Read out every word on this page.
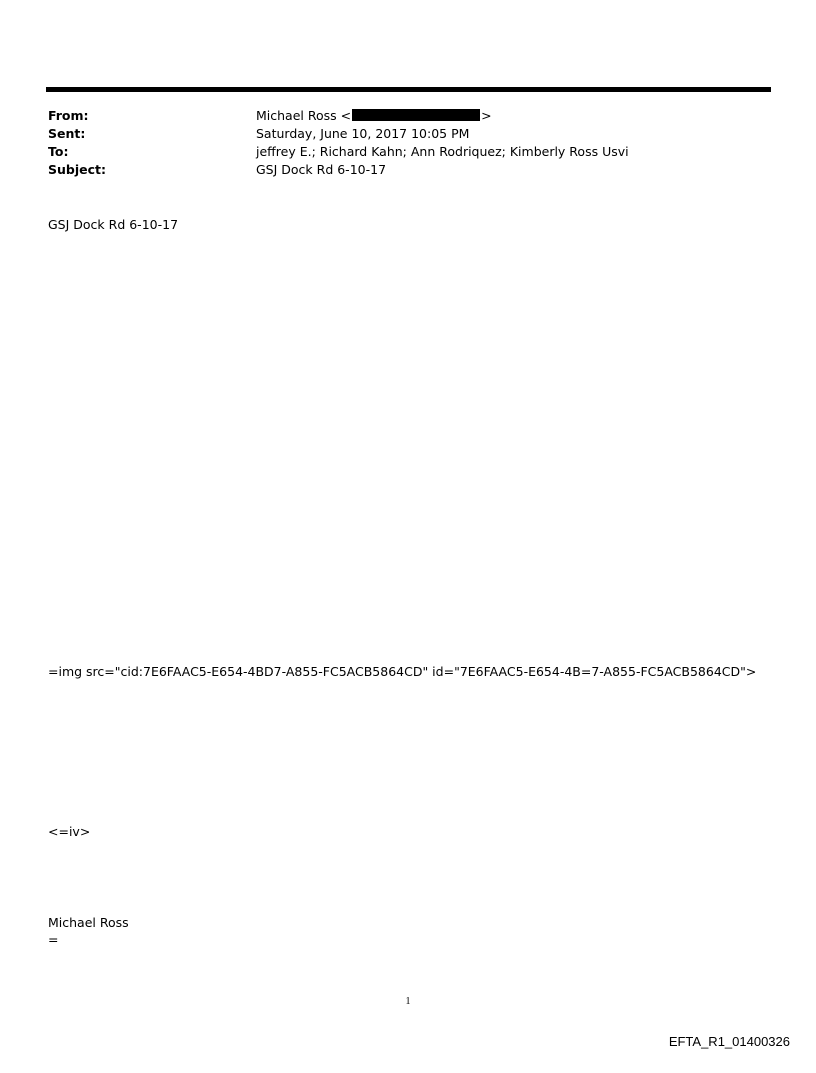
From:	Michael Ross <	>
Sent:	Saturday, June 10, 2017 10:05 PM
To:	jeffrey E.; Richard Kahn; Ann Rodriquez; Kimberly Ross Usvi
Subject:	GSJ Dock Rd 6-10-17
GSJ Dock Rd 6-10-17
=img src="cid:7E6FAAC5-E654-4BD7-A855-FC5ACB5864CD" id="7E6FAAC5-E654-4B=7-A855-FC5ACB5864CD">
<=iv>
Michael Ross
=
1
EFTA_R1_01400326
